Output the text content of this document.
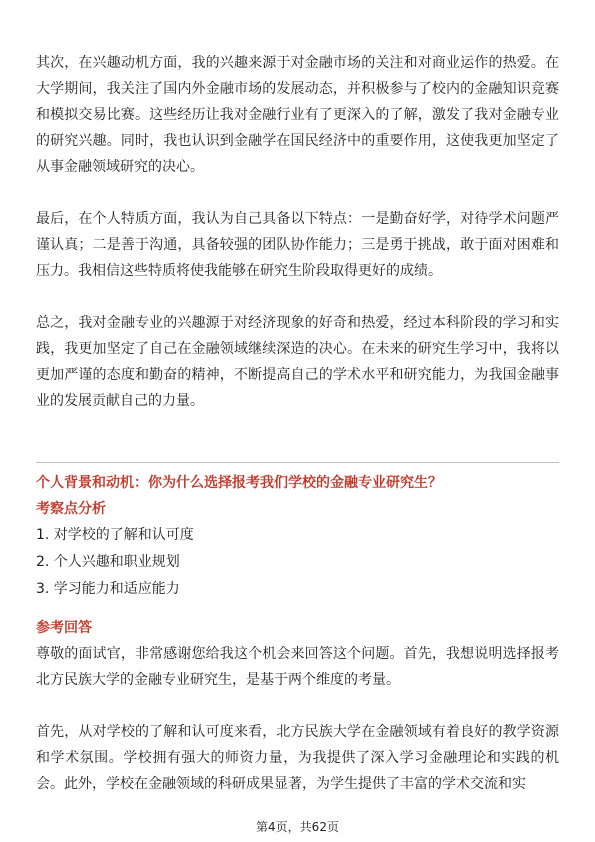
其次，在兴趣动机方面，我的兴趣来源于对金融市场的关注和对商业运作的热爱。在大学期间，我关注了国内外金融市场的发展动态，并积极参与了校内的金融知识竞赛和模拟交易比赛。这些经历让我对金融行业有了更深入的了解，激发了我对金融专业的研究兴趣。同时，我也认识到金融学在国民经济中的重要作用，这使我更加坚定了从事金融领域研究的决心。

最后，在个人特质方面，我认为自己具备以下特点：一是勤奋好学，对待学术问题严谨认真；二是善于沟通，具备较强的团队协作能力；三是勇于挑战，敢于面对困难和压力。我相信这些特质将使我能够在研究生阶段取得更好的成绩。

总之，我对金融专业的兴趣源于对经济现象的好奇和热爱，经过本科阶段的学习和实践，我更加坚定了自己在金融领域继续深造的决心。在未来的研究生学习中，我将以更加严谨的态度和勤奋的精神，不断提高自己的学术水平和研究能力，为我国金融事业的发展贡献自己的力量。

个人背景和动机：你为什么选择报考我们学校的金融专业研究生？

考察点分析

1. 对学校的了解和认可度

2. 个人兴趣和职业规划

3. 学习能力和适应能力

参考回答

尊敬的面试官，非常感谢您给我这个机会来回答这个问题。首先，我想说明选择报考北方民族大学的金融专业研究生，是基于两个维度的考量。

首先，从对学校的了解和认可度来看，北方民族大学在金融领域有着良好的教学资源和学术氛围。学校拥有强大的师资力量，为我提供了深入学习金融理论和实践的机会。此外，学校在金融领域的科研成果显著，为学生提供了丰富的学术交流和实

第4页，共62页
